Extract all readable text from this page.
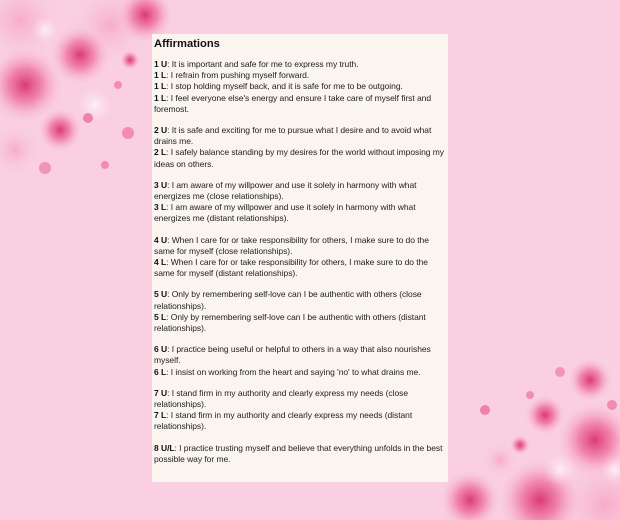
Affirmations
1 U: It is important and safe for me to express my truth.
1 L: I refrain from pushing myself forward.
1 L: I stop holding myself back, and it is safe for me to be outgoing.
1 L: I feel everyone else's energy and ensure I take care of myself first and foremost.
2 U: It is safe and exciting for me to pursue what I desire and to avoid what drains me.
2 L: I safely balance standing by my desires for the world without imposing my ideas on others.
3 U: I am aware of my willpower and use it solely in harmony with what energizes me (close relationships).
3 L: I am aware of my willpower and use it solely in harmony with what energizes me (distant relationships).
4 U: When I care for or take responsibility for others, I make sure to do the same for myself (close relationships).
4 L: When I care for or take responsibility for others, I make sure to do the same for myself (distant relationships).
5 U: Only by remembering self-love can I be authentic with others (close relationships).
5 L: Only by remembering self-love can I be authentic with others (distant relationships).
6 U: I practice being useful or helpful to others in a way that also nourishes myself.
6 L: I insist on working from the heart and saying 'no' to what drains me.
7 U: I stand firm in my authority and clearly express my needs (close relationships).
7 L: I stand firm in my authority and clearly express my needs (distant relationships).
8 U/L: I practice trusting myself and believe that everything unfolds in the best possible way for me.
